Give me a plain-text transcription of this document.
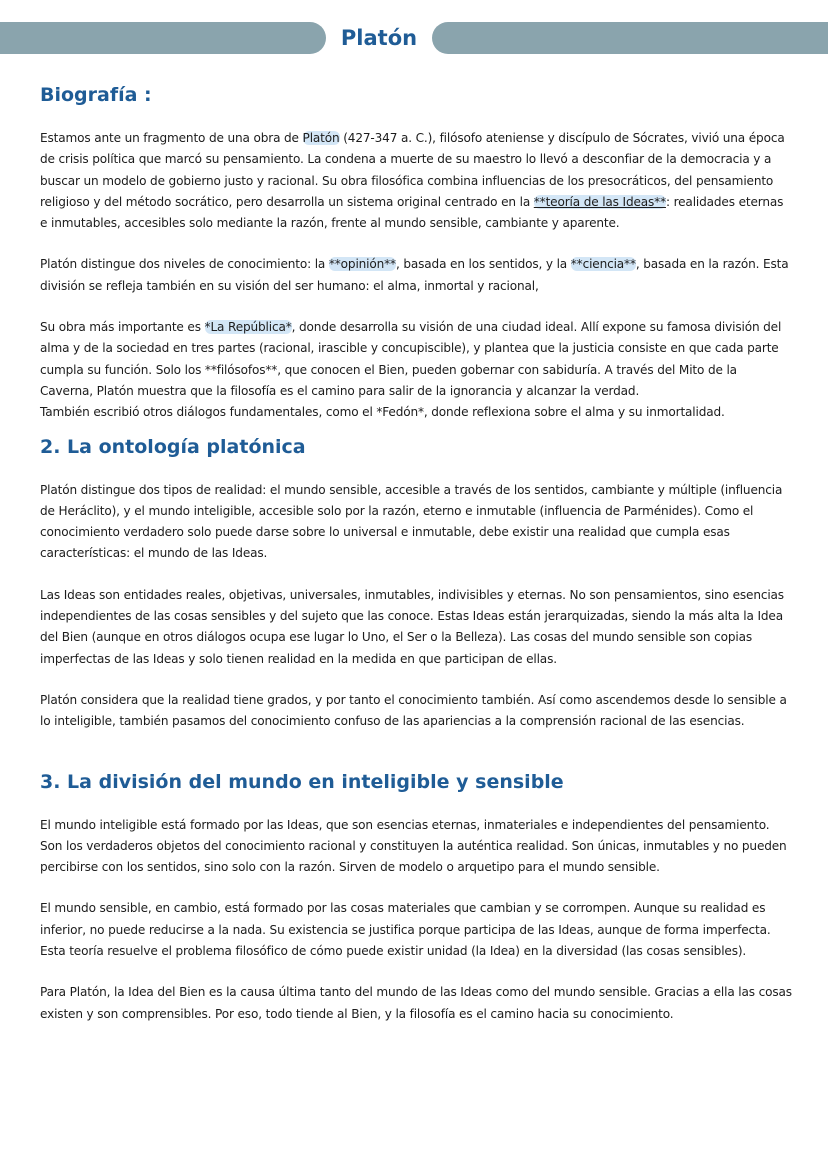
Platón
Biografía :

Estamos ante un fragmento de una obra de Platón (427-347 a. C.), filósofo ateniense y discípulo de Sócrates, vivió una época de crisis política que marcó su pensamiento. La condena a muerte de su maestro lo llevó a desconfiar de la democracia y a buscar un modelo de gobierno justo y racional. Su obra filosófica combina influencias de los presocráticos, del pensamiento religioso y del método socrático, pero desarrolla un sistema original centrado en la **teoría de las Ideas**: realidades eternas e inmutables, accesibles solo mediante la razón, frente al mundo sensible, cambiante y aparente.

Platón distingue dos niveles de conocimiento: la **opinión**, basada en los sentidos, y la **ciencia**, basada en la razón. Esta división se refleja también en su visión del ser humano: el alma, inmortal y racional,

Su obra más importante es *La República*, donde desarrolla su visión de una ciudad ideal. Allí expone su famosa división del alma y de la sociedad en tres partes (racional, irascible y concupiscible), y plantea que la justicia consiste en que cada parte cumpla su función. Solo los **filósofos**, que conocen el Bien, pueden gobernar con sabiduría. A través del Mito de la Caverna, Platón muestra que la filosofía es el camino para salir de la ignorancia y alcanzar la verdad.
También escribió otros diálogos fundamentales, como el *Fedón*, donde reflexiona sobre el alma y su inmortalidad.

2. La ontología platónica

Platón distingue dos tipos de realidad: el mundo sensible, accesible a través de los sentidos, cambiante y múltiple (influencia de Heráclito), y el mundo inteligible, accesible solo por la razón, eterno e inmutable (influencia de Parménides). Como el conocimiento verdadero solo puede darse sobre lo universal e inmutable, debe existir una realidad que cumpla esas características: el mundo de las Ideas.

Las Ideas son entidades reales, objetivas, universales, inmutables, indivisibles y eternas. No son pensamientos, sino esencias independientes de las cosas sensibles y del sujeto que las conoce. Estas Ideas están jerarquizadas, siendo la más alta la Idea del Bien (aunque en otros diálogos ocupa ese lugar lo Uno, el Ser o la Belleza). Las cosas del mundo sensible son copias imperfectas de las Ideas y solo tienen realidad en la medida en que participan de ellas.

Platón considera que la realidad tiene grados, y por tanto el conocimiento también. Así como ascendemos desde lo sensible a lo inteligible, también pasamos del conocimiento confuso de las apariencias a la comprensión racional de las esencias.

3. La división del mundo en inteligible y sensible

El mundo inteligible está formado por las Ideas, que son esencias eternas, inmateriales e independientes del pensamiento. Son los verdaderos objetos del conocimiento racional y constituyen la auténtica realidad. Son únicas, inmutables y no pueden percibirse con los sentidos, sino solo con la razón. Sirven de modelo o arquetipo para el mundo sensible.

El mundo sensible, en cambio, está formado por las cosas materiales que cambian y se corrompen. Aunque su realidad es inferior, no puede reducirse a la nada. Su existencia se justifica porque participa de las Ideas, aunque de forma imperfecta. Esta teoría resuelve el problema filosófico de cómo puede existir unidad (la Idea) en la diversidad (las cosas sensibles).

Para Platón, la Idea del Bien es la causa última tanto del mundo de las Ideas como del mundo sensible. Gracias a ella las cosas existen y son comprensibles. Por eso, todo tiende al Bien, y la filosofía es el camino hacia su conocimiento.
